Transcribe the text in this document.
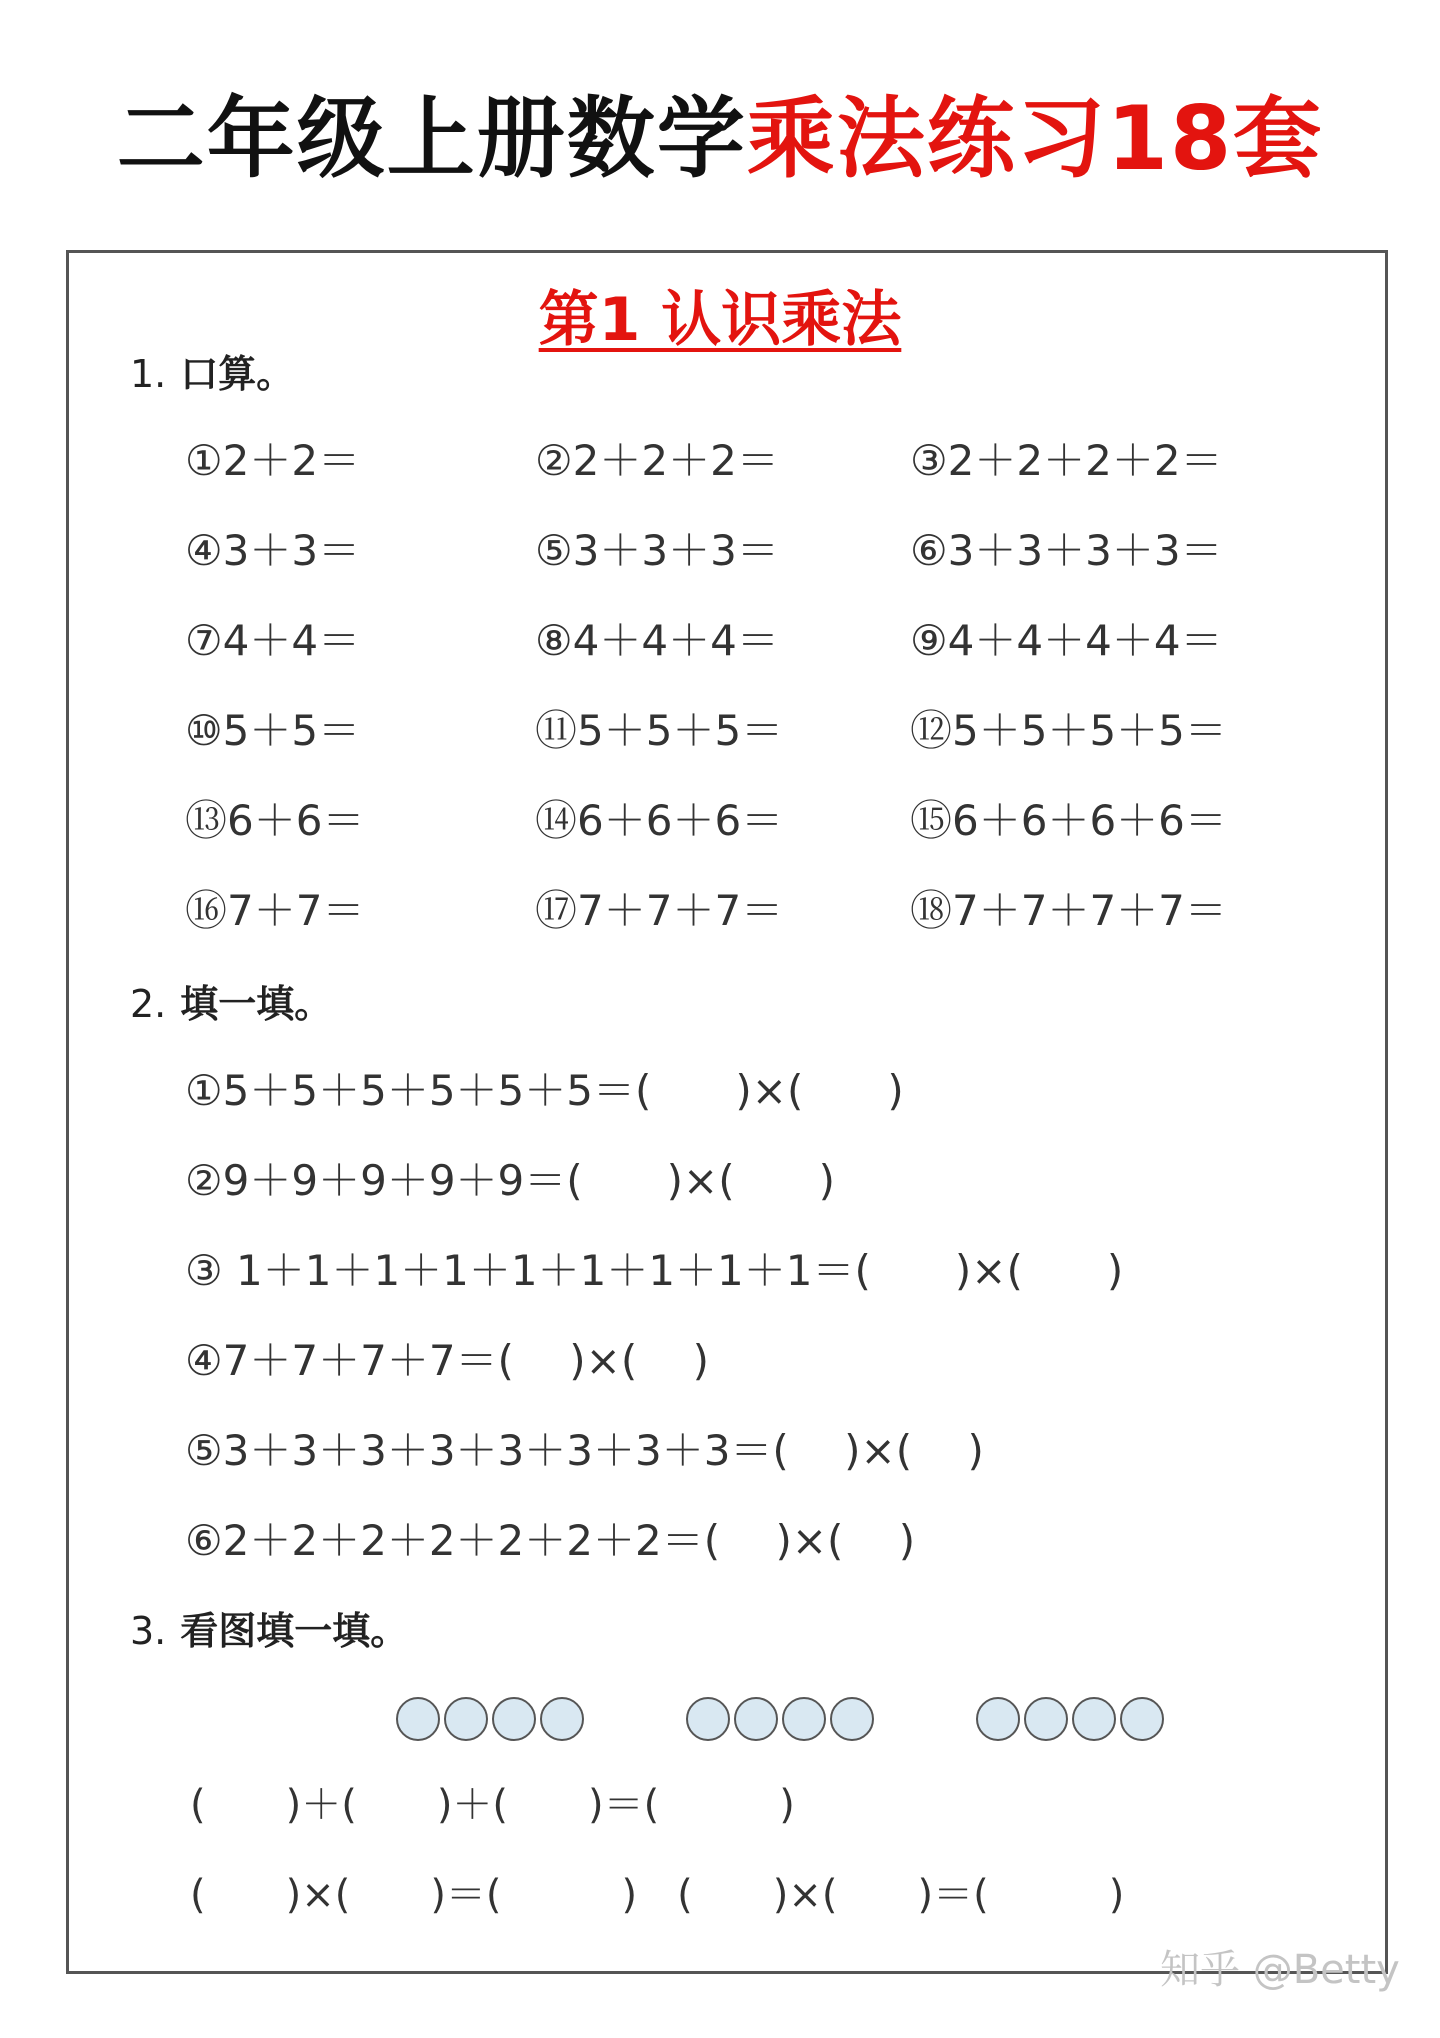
二年级上册数学乘法练习18套
第1 认识乘法
1. 口算。
①2＋2＝	②2＋2＋2＝	③2＋2＋2＋2＝
④3＋3＝	⑤3＋3＋3＝	⑥3＋3＋3＋3＝
⑦4＋4＝	⑧4＋4＋4＝	⑨4＋4＋4＋4＝
⑩5＋5＝	⑪5＋5＋5＝	⑫5＋5＋5＋5＝
⑬6＋6＝	⑭6＋6＋6＝	⑮6＋6＋6＋6＝
⑯7＋7＝	⑰7＋7＋7＝	⑱7＋7＋7＋7＝
2. 填一填。
①5＋5＋5＋5＋5＋5＝(　　)×(　　)
②9＋9＋9＋9＋9＝(　　)×(　　)
③ 1＋1＋1＋1＋1＋1＋1＋1＋1＝(　　)×(　　)
④7＋7＋7＋7＝(　 )×(　 )
⑤3＋3＋3＋3＋3＋3＋3＋3＝(　 )×(　 )
⑥2＋2＋2＋2＋2＋2＋2＝(　 )×(　 )
3. 看图填一填。
(　　)＋(　　)＋(　　)＝(　　　)
(　　)×(　　)＝(　　　)　(　　)×(　　)＝(　　　)
知乎 @Betty
